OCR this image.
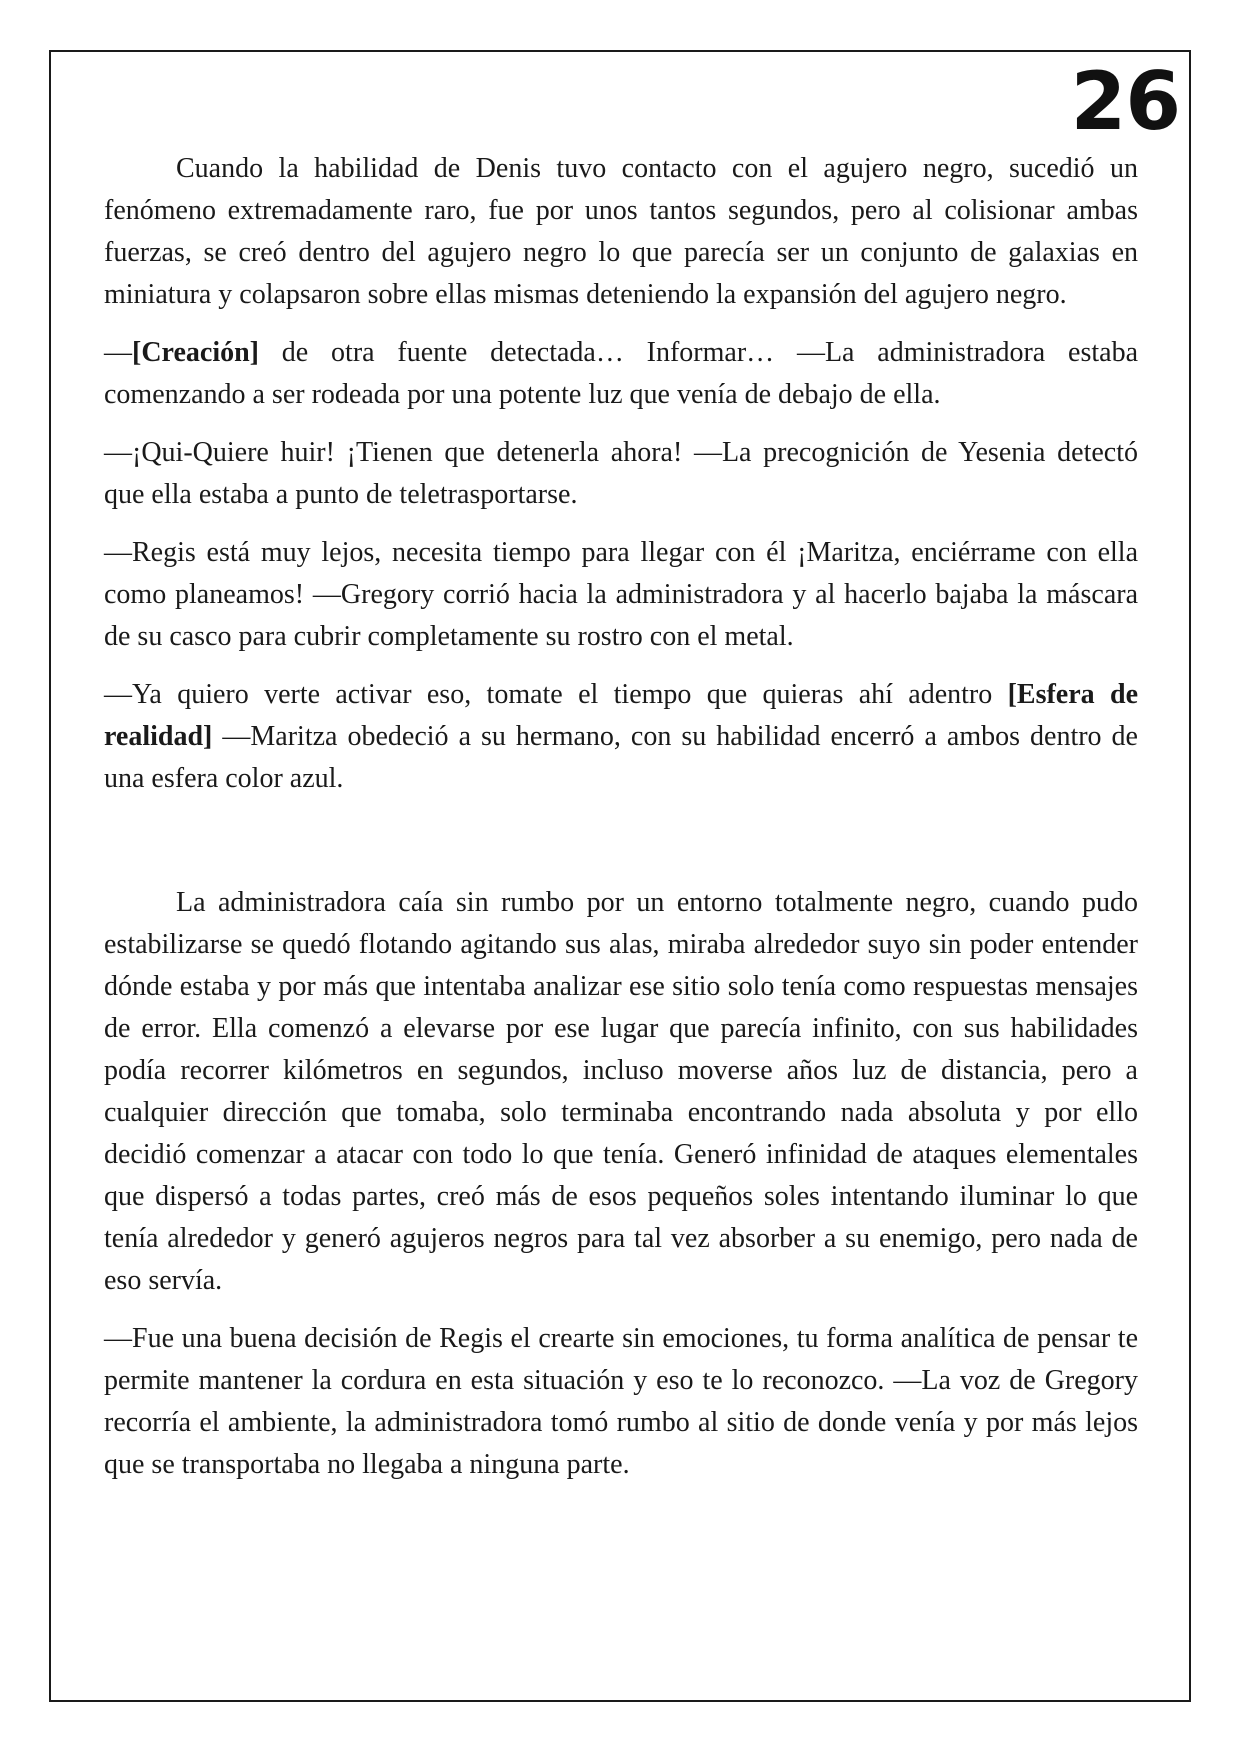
26

Cuando la habilidad de Denis tuvo contacto con el agujero negro, sucedió un fenómeno extremadamente raro, fue por unos tantos segundos, pero al colisionar ambas fuerzas, se creó dentro del agujero negro lo que parecía ser un conjunto de galaxias en miniatura y colapsaron sobre ellas mismas deteniendo la expansión del agujero negro.

—[Creación] de otra fuente detectada… Informar… —La administradora estaba comenzando a ser rodeada por una potente luz que venía de debajo de ella.

—¡Qui-Quiere huir! ¡Tienen que detenerla ahora! —La precognición de Yesenia detectó que ella estaba a punto de teletrasportarse.

—Regis está muy lejos, necesita tiempo para llegar con él ¡Maritza, enciérrame con ella como planeamos! —Gregory corrió hacia la administradora y al hacerlo bajaba la máscara de su casco para cubrir completamente su rostro con el metal.

—Ya quiero verte activar eso, tomate el tiempo que quieras ahí adentro [Esfera de realidad] —Maritza obedeció a su hermano, con su habilidad encerró a ambos dentro de una esfera color azul.

La administradora caía sin rumbo por un entorno totalmente negro, cuando pudo estabilizarse se quedó flotando agitando sus alas, miraba alrededor suyo sin poder entender dónde estaba y por más que intentaba analizar ese sitio solo tenía como respuestas mensajes de error. Ella comenzó a elevarse por ese lugar que parecía infinito, con sus habilidades podía recorrer kilómetros en segundos, incluso moverse años luz de distancia, pero a cualquier dirección que tomaba, solo terminaba encontrando nada absoluta y por ello decidió comenzar a atacar con todo lo que tenía. Generó infinidad de ataques elementales que dispersó a todas partes, creó más de esos pequeños soles intentando iluminar lo que tenía alrededor y generó agujeros negros para tal vez absorber a su enemigo, pero nada de eso servía.

—Fue una buena decisión de Regis el crearte sin emociones, tu forma analítica de pensar te permite mantener la cordura en esta situación y eso te lo reconozco. —La voz de Gregory recorría el ambiente, la administradora tomó rumbo al sitio de donde venía y por más lejos que se transportaba no llegaba a ninguna parte.
